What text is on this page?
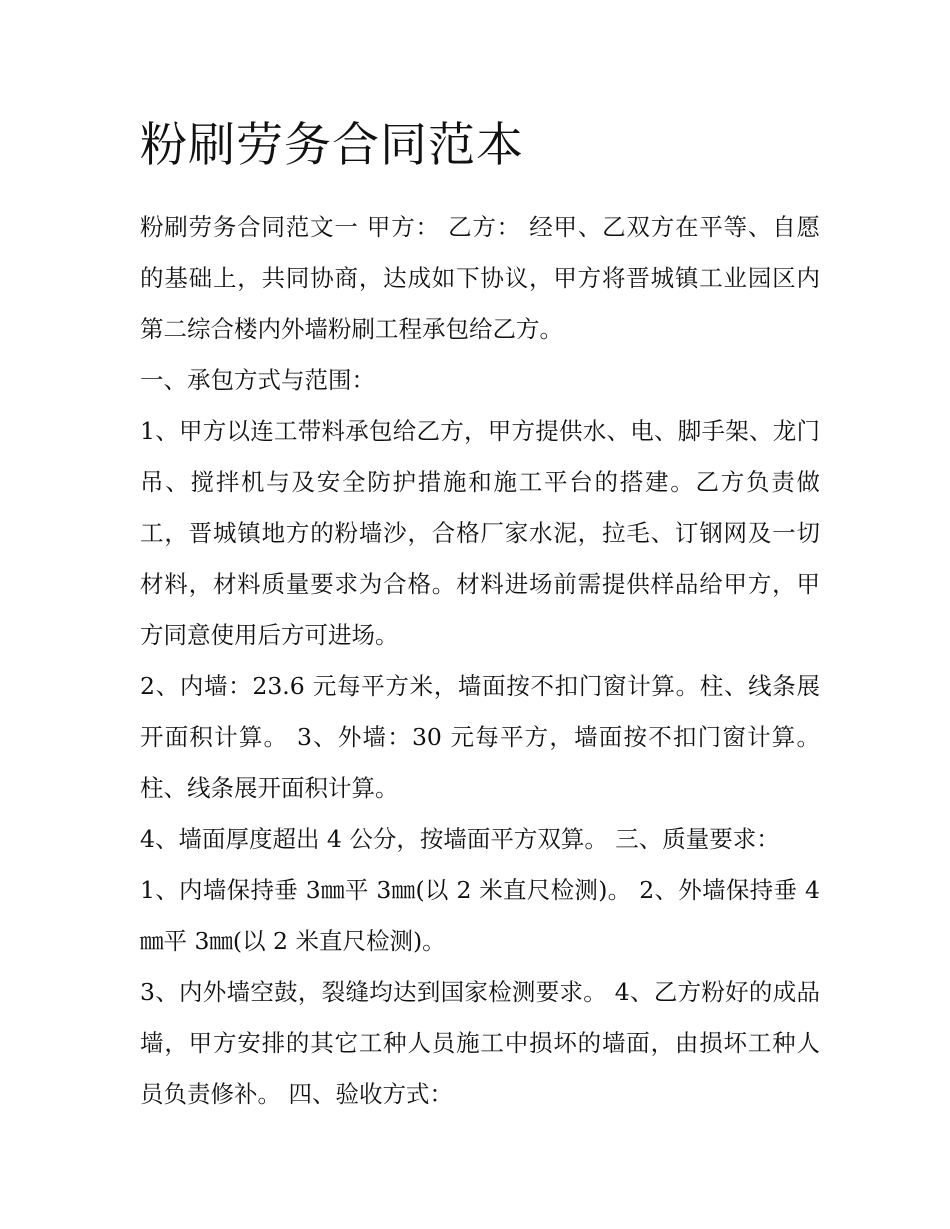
粉刷劳务合同范本

粉刷劳务合同范文一 甲方： 乙方： 经甲、乙双方在平等、自愿的基础上，共同协商，达成如下协议，甲方将晋城镇工业园区内第二综合楼内外墙粉刷工程承包给乙方。

一、承包方式与范围：

1、甲方以连工带料承包给乙方，甲方提供水、电、脚手架、龙门吊、搅拌机与及安全防护措施和施工平台的搭建。乙方负责做工，晋城镇地方的粉墙沙，合格厂家水泥，拉毛、订钢网及一切材料，材料质量要求为合格。材料进场前需提供样品给甲方，甲方同意使用后方可进场。

2、内墙：23.6 元每平方米，墙面按不扣门窗计算。柱、线条展开面积计算。 3、外墙：30 元每平方，墙面按不扣门窗计算。柱、线条展开面积计算。

4、墙面厚度超出 4 公分，按墙面平方双算。 三、质量要求：

1、内墙保持垂 3㎜平 3㎜(以 2 米直尺检测)。 2、外墙保持垂 4 ㎜平 3㎜(以 2 米直尺检测)。

3、内外墙空鼓，裂缝均达到国家检测要求。 4、乙方粉好的成品墙，甲方安排的其它工种人员施工中损坏的墙面，由损坏工种人员负责修补。 四、验收方式：
